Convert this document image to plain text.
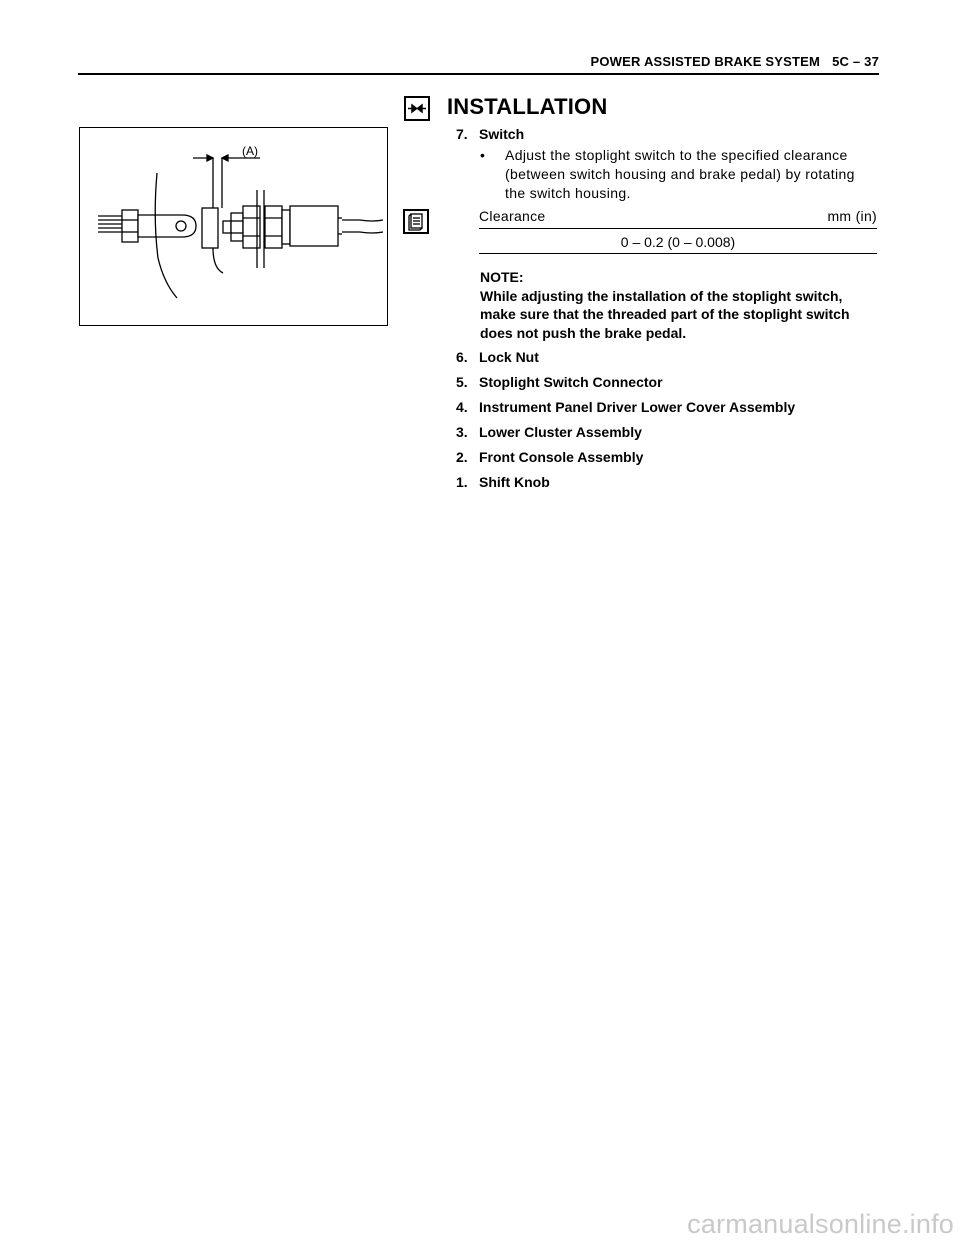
POWER ASSISTED BRAKE SYSTEM 5C – 37
(A)
INSTALLATION
7. Switch
• Adjust the stoplight switch to the specified clearance (between switch housing and brake pedal) by rotating the switch housing.
Clearance	mm (in)
0 – 0.2 (0 – 0.008)
NOTE:
While adjusting the installation of the stoplight switch, make sure that the threaded part of the stoplight switch does not push the brake pedal.
6. Lock Nut
5. Stoplight Switch Connector
4. Instrument Panel Driver Lower Cover Assembly
3. Lower Cluster Assembly
2. Front Console Assembly
1. Shift Knob
carmanualsonline.info
